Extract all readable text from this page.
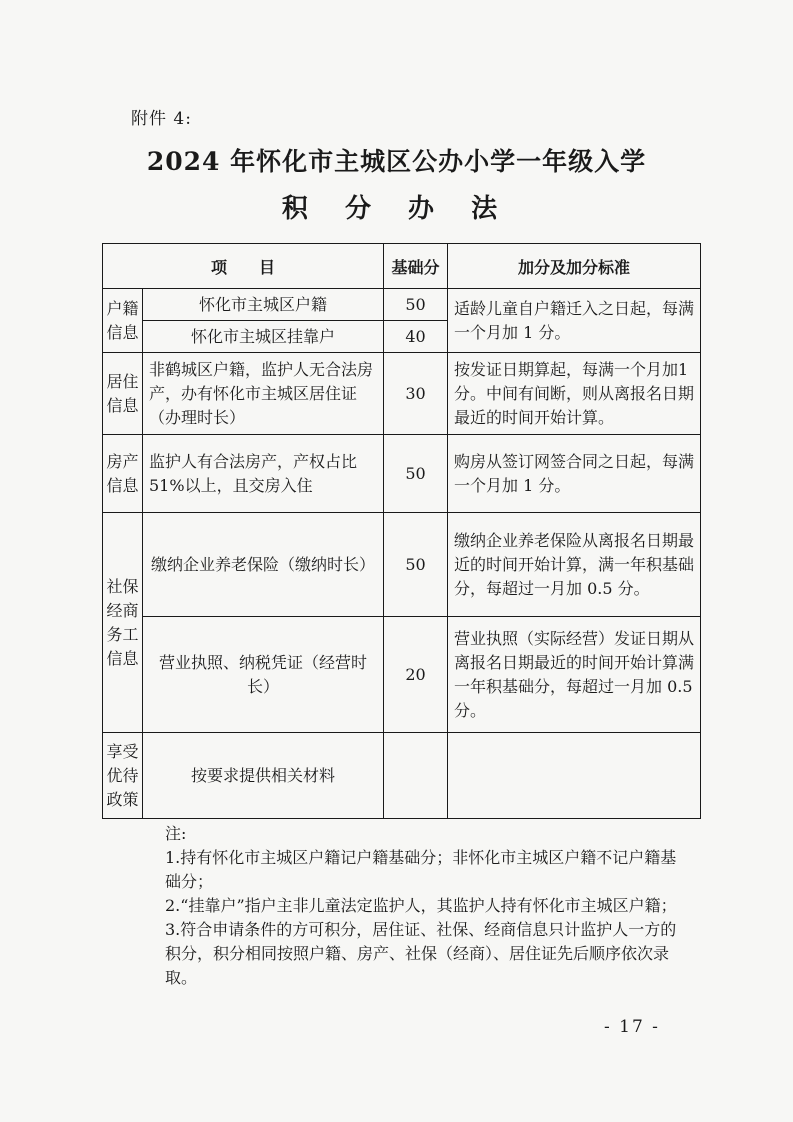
附件 4:
2024 年怀化市主城区公办小学一年级入学
积 分 办 法
项　　目		基础分	加分及加分标准
户籍信息	怀化市主城区户籍	50	适龄儿童自户籍迁入之日起，每满一个月加 1 分。
	怀化市主城区挂靠户	40	
居住信息	非鹤城区户籍，监护人无合法房产，办有怀化市主城区居住证（办理时长）	30	按发证日期算起，每满一个月加1分。中间有间断，则从离报名日期最近的时间开始计算。
房产信息	监护人有合法房产，产权占比 51%以上，且交房入住	50	购房从签订网签合同之日起，每满一个月加 1 分。
社保经商务工信息	缴纳企业养老保险（缴纳时长）	50	缴纳企业养老保险从离报名日期最近的时间开始计算，满一年积基础分，每超过一月加 0.5 分。
	营业执照、纳税凭证（经营时长）	20	营业执照（实际经营）发证日期从离报名日期最近的时间开始计算满一年积基础分，每超过一月加 0.5 分。
享受优待政策	按要求提供相关材料		
注:
1.持有怀化市主城区户籍记户籍基础分；非怀化市主城区户籍不记户籍基础分；
2.“挂靠户”指户主非儿童法定监护人，其监护人持有怀化市主城区户籍；
3.符合申请条件的方可积分，居住证、社保、经商信息只计监护人一方的积分，积分相同按照户籍、房产、社保（经商）、居住证先后顺序依次录取。
- 17 -
